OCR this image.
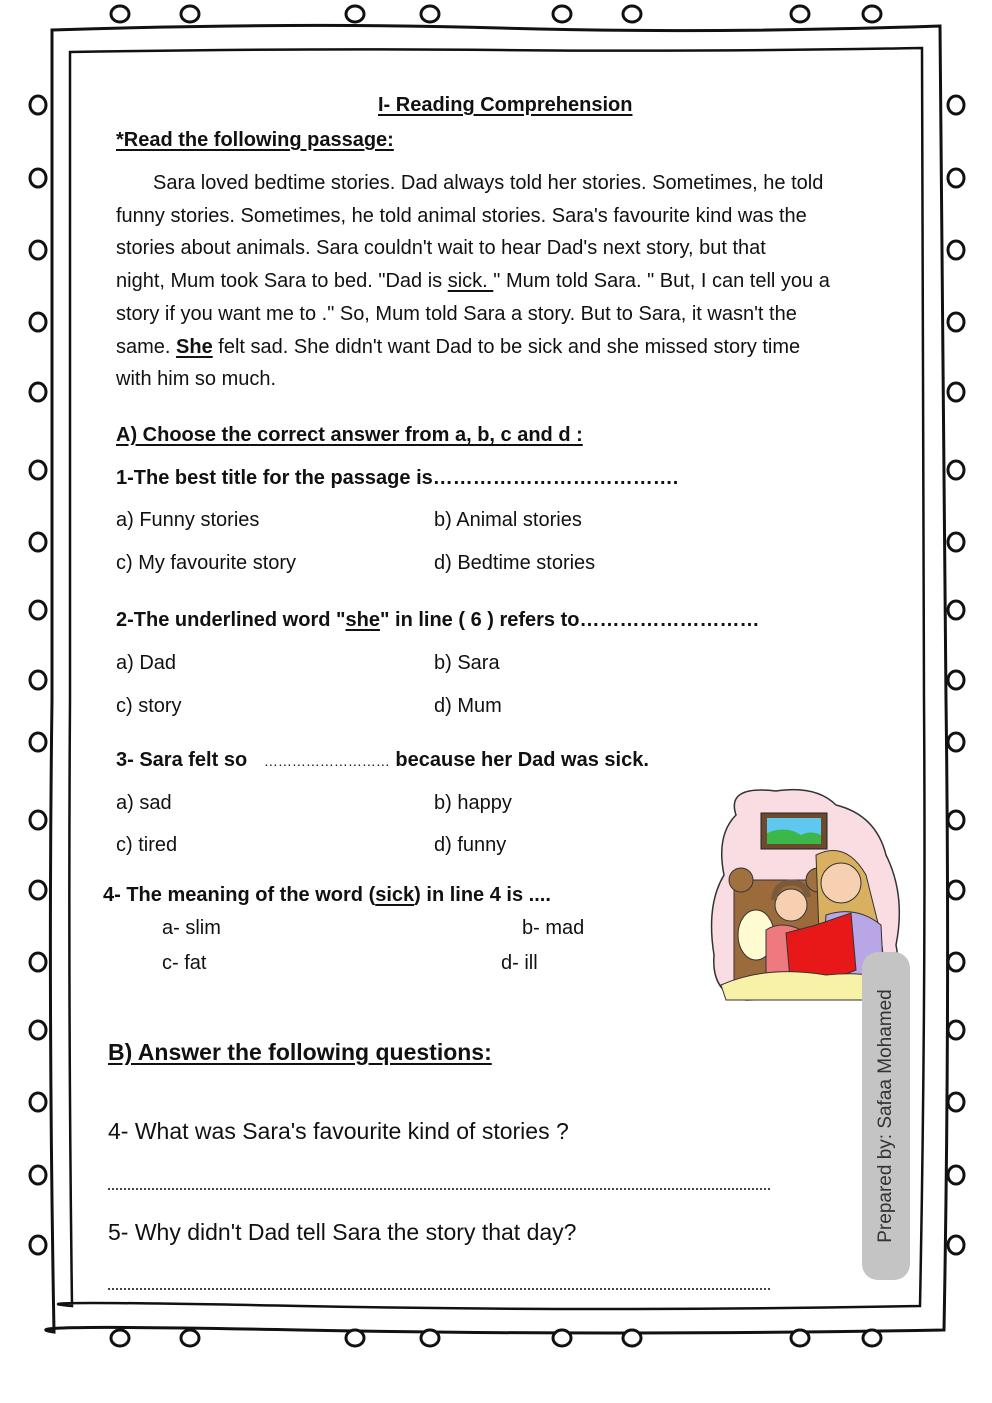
I- Reading Comprehension
*Read the following passage:

Sara loved bedtime stories. Dad always told her stories. Sometimes, he told

funny stories. Sometimes, he told animal stories. Sara's favourite kind was the

stories about animals. Sara couldn't wait to hear Dad's next story, but that

night, Mum took Sara to bed. "Dad is sick. " Mum told Sara. " But, I can tell you a

story if you want me to ." So, Mum told Sara a story. But to Sara, it wasn't the

same. She felt sad. She didn't want Dad to be sick and she missed story time

with him so much.

A) Choose the correct answer from a, b, c and d :
1-The best title for the passage is……………………………….
a) Funny stories	b) Animal stories
c) My favourite story	d) Bedtime stories
2-The underlined word "she" in line ( 6 ) refers to………………………
a) Dad	b) Sara
c) story	d) Mum
3- Sara felt so ……………………… because her Dad was sick.
a) sad	b) happy
c) tired	d) funny
4- The meaning of the word (sick) in line 4 is ....
a- slim	b- mad
c- fat	d- ill
B) Answer the following questions:
4- What was Sara's favourite kind of stories ?
5- Why didn't Dad tell Sara the story that day?	Prepared by: Safaa Mohamed
